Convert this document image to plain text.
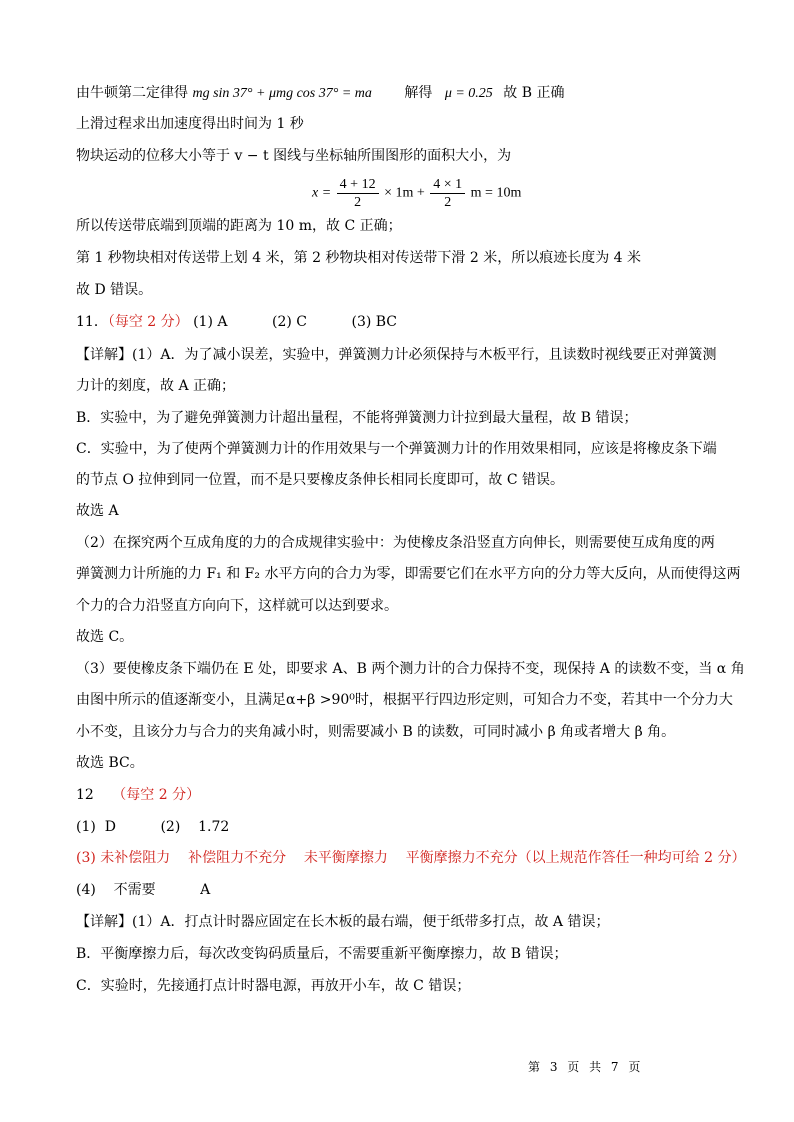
由牛顿第二定律得 mg sin 37° + μmg cos 37° = ma 解得 μ = 0.25 故 B 正确
上滑过程求出加速度得出时间为 1 秒
物块运动的位移大小等于 v − t 图线与坐标轴所围图形的面积大小，为
$x = \frac{4 + 12}{2} \times 1m + \frac{4 \times 1}{2}$ m = 10m
所以传送带底端到顶端的距离为 10 m，故 C 正确；
第 1 秒物块相对传送带上划 4 米，第 2 秒物块相对传送带下滑 2 米，所以痕迹长度为 4 米
故 D 错误。
11．（每空 2 分） (1) A          (2) C          (3) BC
【详解】(1）A．为了减小误差，实验中，弹簧测力计必须保持与木板平行，且读数时视线要正对弹簧测
力计的刻度，故 A 正确；
B．实验中，为了避免弹簧测力计超出量程，不能将弹簧测力计拉到最大量程，故 B 错误；
C．实验中，为了使两个弹簧测力计的作用效果与一个弹簧测力计的作用效果相同，应该是将橡皮条下端
的节点 O 拉伸到同一位置，而不是只要橡皮条伸长相同长度即可，故 C 错误。
故选 A
（2）在探究两个互成角度的力的合成规律实验中：为使橡皮条沿竖直方向伸长，则需要使互成角度的两
弹簧测力计所施的力 F₁ 和 F₂ 水平方向的合力为零，即需要它们在水平方向的分力等大反向，从而使得这两
个力的合力沿竖直方向向下，这样就可以达到要求。
故选 C。
（3）要使橡皮条下端仍在 E 处，即要求 A、B 两个测力计的合力保持不变，现保持 A 的读数不变，当 α 角
由图中所示的值逐渐变小，且满足α+β >90⁰时，根据平行四边形定则，可知合力不变，若其中一个分力大
小不变，且该分力与合力的夹角减小时，则需要减小 B 的读数，可同时减小 β 角或者增大 β 角。
故选 BC。
12 （每空 2 分）
(1)  D          (2)    1.72
(3) 未补偿阻力    补偿阻力不充分    未平衡摩擦力    平衡摩擦力不充分（以上规范作答任一种均可给 2 分）
(4)    不需要          A
【详解】(1）A．打点计时器应固定在长木板的最右端，便于纸带多打点，故 A 错误；
B．平衡摩擦力后，每次改变钩码质量后，不需要重新平衡摩擦力，故 B 错误；
C．实验时，先接通打点计时器电源，再放开小车，故 C 错误；
第 3 页 共 7 页
